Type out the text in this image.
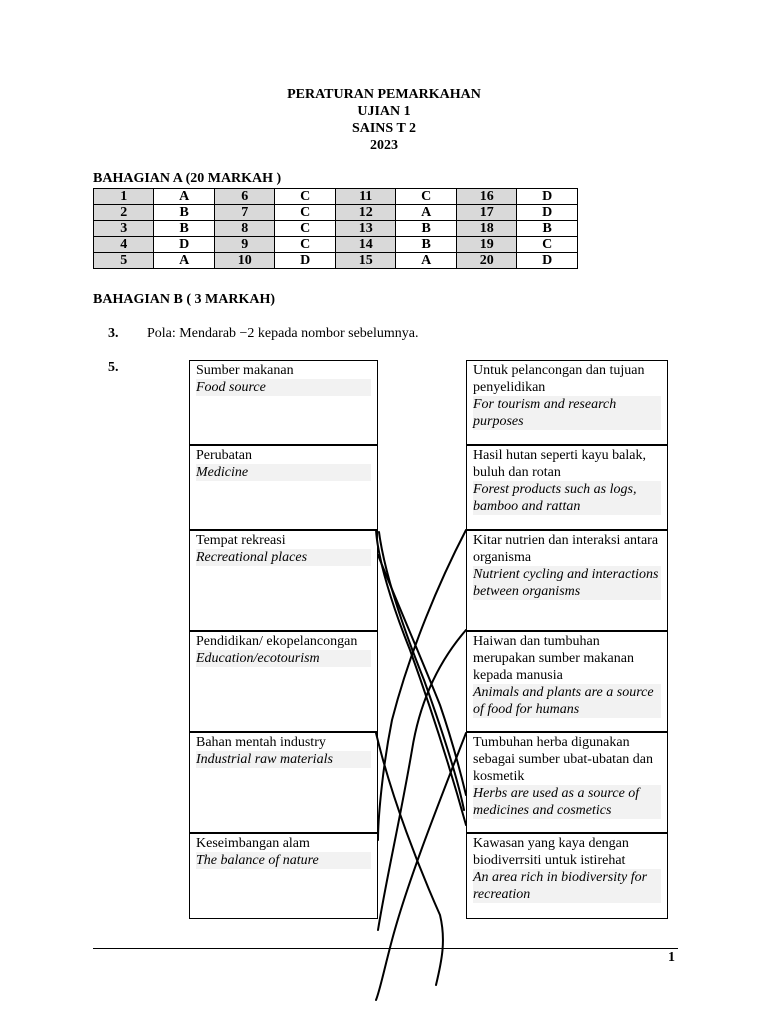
PERATURAN PEMARKAHAN
UJIAN 1
SAINS T 2
2023
BAHAGIAN A (20 MARKAH )
1	A	6	C	11	C	16	D
2	B	7	C	12	A	17	D
3	B	8	C	13	B	18	B
4	D	9	C	14	B	19	C
5	A	10	D	15	A	20	D
BAHAGIAN B ( 3 MARKAH)
3. Pola: Mendarab −2 kepada nombor sebelumnya.
5.	Sumber makanan
Food source
Perubatan
Medicine
Tempat rekreasi
Recreational places
Pendidikan/ ekopelancongan
Education/ecotourism
Bahan mentah industry
Industrial raw materials
Keseimbangan alam
The balance of nature
Untuk pelancongan dan tujuan penyelidikan
For tourism and research purposes
Hasil hutan seperti kayu balak, buluh dan rotan
Forest products such as logs, bamboo and rattan
Kitar nutrien dan interaksi antara organisma
Nutrient cycling and interactions between organisms
Haiwan dan tumbuhan merupakan sumber makanan kepada manusia
Animals and plants are a source of food for humans
Tumbuhan herba digunakan sebagai sumber ubat-ubatan dan kosmetik
Herbs are used as a source of medicines and cosmetics
Kawasan yang kaya dengan biodiverrsiti untuk istirehat
An area rich in biodiversity for recreation
1
